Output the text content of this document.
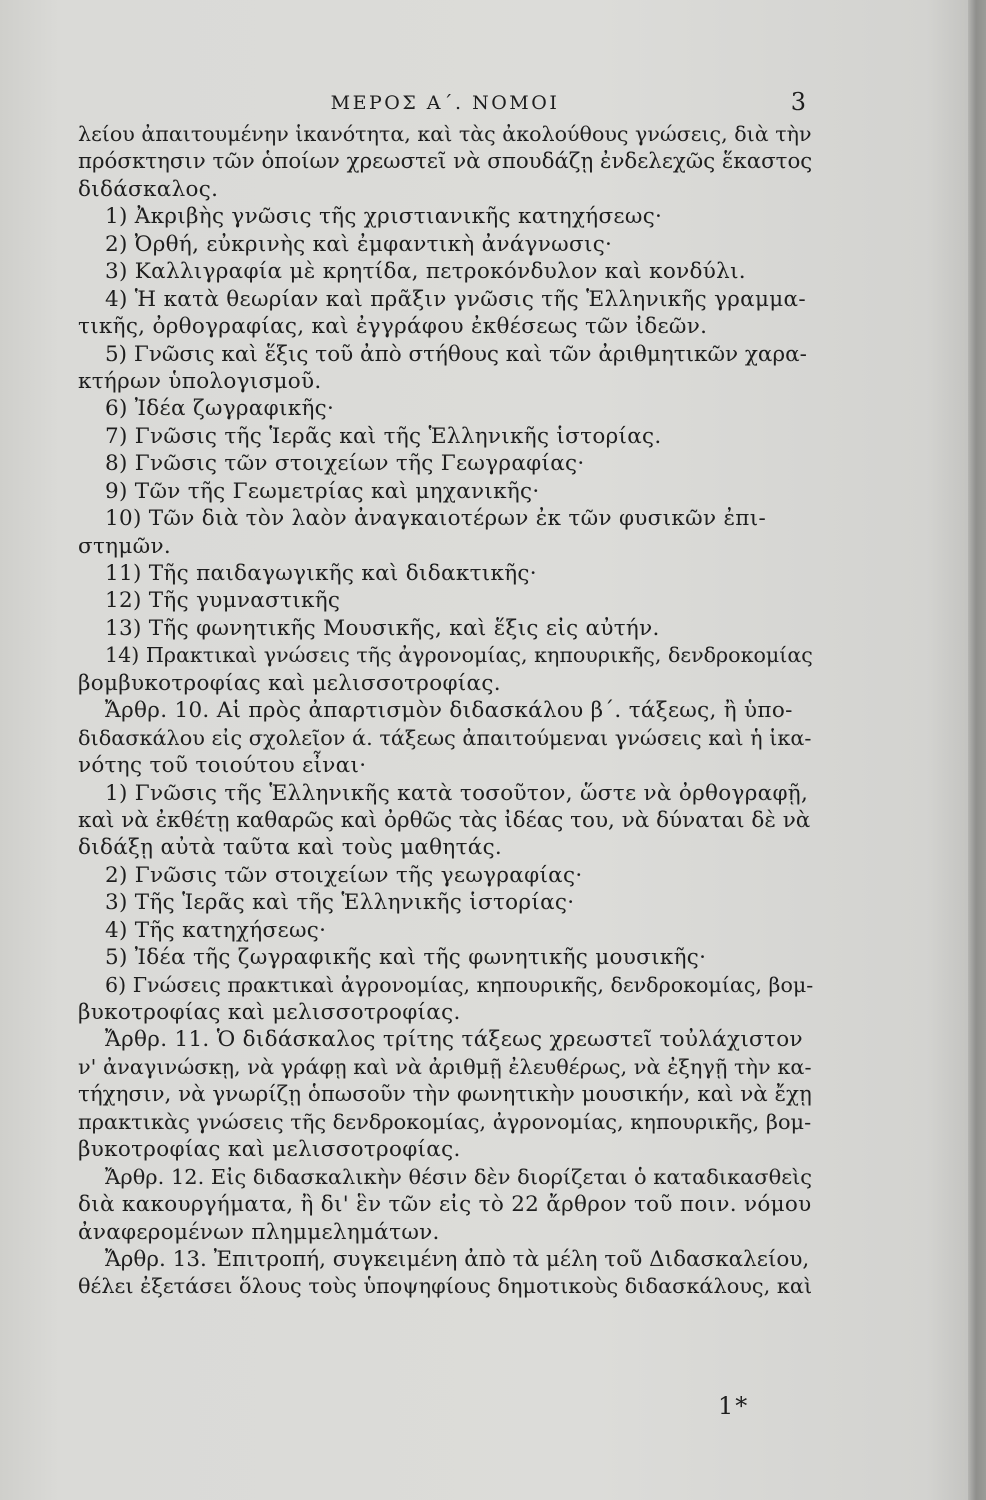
ΜΕΡΟΣ Α΄. ΝΟΜΟΙ	3
λείου ἀπαιτουμένην ἱκανότητα, καὶ τὰς ἀκολούθους γνώσεις, διὰ τὴν
πρόσκτησιν τῶν ὁποίων χρεωστεῖ νὰ σπουδάζῃ ἐνδελεχῶς ἕκαστος
διδάσκαλος.
1) Ἀκριβὴς γνῶσις τῆς χριστιανικῆς κατηχήσεως·
2) Ὀρθή, εὐκρινὴς καὶ ἐμφαντικὴ ἀνάγνωσις·
3) Καλλιγραφία μὲ κρητίδα, πετροκόνδυλον καὶ κονδύλι.
4) Ἡ κατὰ θεωρίαν καὶ πρᾶξιν γνῶσις τῆς Ἑλληνικῆς γραμμα-
τικῆς, ὀρθογραφίας, καὶ ἐγγράφου ἐκθέσεως τῶν ἰδεῶν.
5) Γνῶσις καὶ ἕξις τοῦ ἀπὸ στήθους καὶ τῶν ἀριθμητικῶν χαρα-
κτήρων ὑπολογισμοῦ.
6) Ἰδέα ζωγραφικῆς·
7) Γνῶσις τῆς Ἱερᾶς καὶ τῆς Ἑλληνικῆς ἱστορίας.
8) Γνῶσις τῶν στοιχείων τῆς Γεωγραφίας·
9) Τῶν τῆς Γεωμετρίας καὶ μηχανικῆς·
10) Τῶν διὰ τὸν λαὸν ἀναγκαιοτέρων ἐκ τῶν φυσικῶν ἐπι-
στημῶν.
11) Τῆς παιδαγωγικῆς καὶ διδακτικῆς·
12) Τῆς γυμναστικῆς
13) Τῆς φωνητικῆς Μουσικῆς, καὶ ἕξις εἰς αὐτήν.
14) Πρακτικαὶ γνώσεις τῆς ἀγρονομίας, κηπουρικῆς, δενδροκομίας
βομβυκοτροφίας καὶ μελισσοτροφίας.
Ἄρθρ. 10. Αἱ πρὸς ἀπαρτισμὸν διδασκάλου β΄. τάξεως, ἢ ὑπο-
διδασκάλου εἰς σχολεῖον ά. τάξεως ἀπαιτούμεναι γνώσεις καὶ ἡ ἱκα-
νότης τοῦ τοιούτου εἶναι·
1) Γνῶσις τῆς Ἑλληνικῆς κατὰ τοσοῦτον, ὥστε νὰ ὀρθογραφῇ,
καὶ νὰ ἐκθέτῃ καθαρῶς καὶ ὀρθῶς τὰς ἰδέας του, νὰ δύναται δὲ νὰ
διδάξῃ αὐτὰ ταῦτα καὶ τοὺς μαθητάς.
2) Γνῶσις τῶν στοιχείων τῆς γεωγραφίας·
3) Τῆς Ἱερᾶς καὶ τῆς Ἑλληνικῆς ἱστορίας·
4) Τῆς κατηχήσεως·
5) Ἰδέα τῆς ζωγραφικῆς καὶ τῆς φωνητικῆς μουσικῆς·
6) Γνώσεις πρακτικαὶ ἀγρονομίας, κηπουρικῆς, δενδροκομίας, βομ-
βυκοτροφίας καὶ μελισσοτροφίας.
Ἄρθρ. 11. Ὁ διδάσκαλος τρίτης τάξεως χρεωστεῖ τοὐλάχιστον
ν' ἀναγινώσκῃ, νὰ γράφῃ καὶ νὰ ἀριθμῇ ἐλευθέρως, νὰ ἐξηγῇ τὴν κα-
τήχησιν, νὰ γνωρίζῃ ὁπωσοῦν τὴν φωνητικὴν μουσικήν, καὶ νὰ ἔχῃ
πρακτικὰς γνώσεις τῆς δενδροκομίας, ἀγρονομίας, κηπουρικῆς, βομ-
βυκοτροφίας καὶ μελισσοτροφίας.
Ἄρθρ. 12. Εἰς διδασκαλικὴν θέσιν δὲν διορίζεται ὁ καταδικασθεὶς
διὰ κακουργήματα, ἢ δι' ἓν τῶν εἰς τὸ 22 ἄρθρον τοῦ ποιν. νόμου
ἀναφερομένων πλημμελημάτων.
Ἄρθρ. 13. Ἐπιτροπή, συγκειμένη ἀπὸ τὰ μέλη τοῦ Διδασκαλείου,
θέλει ἐξετάσει ὅλους τοὺς ὑποψηφίους δημοτικοὺς διδασκάλους, καὶ
1*
